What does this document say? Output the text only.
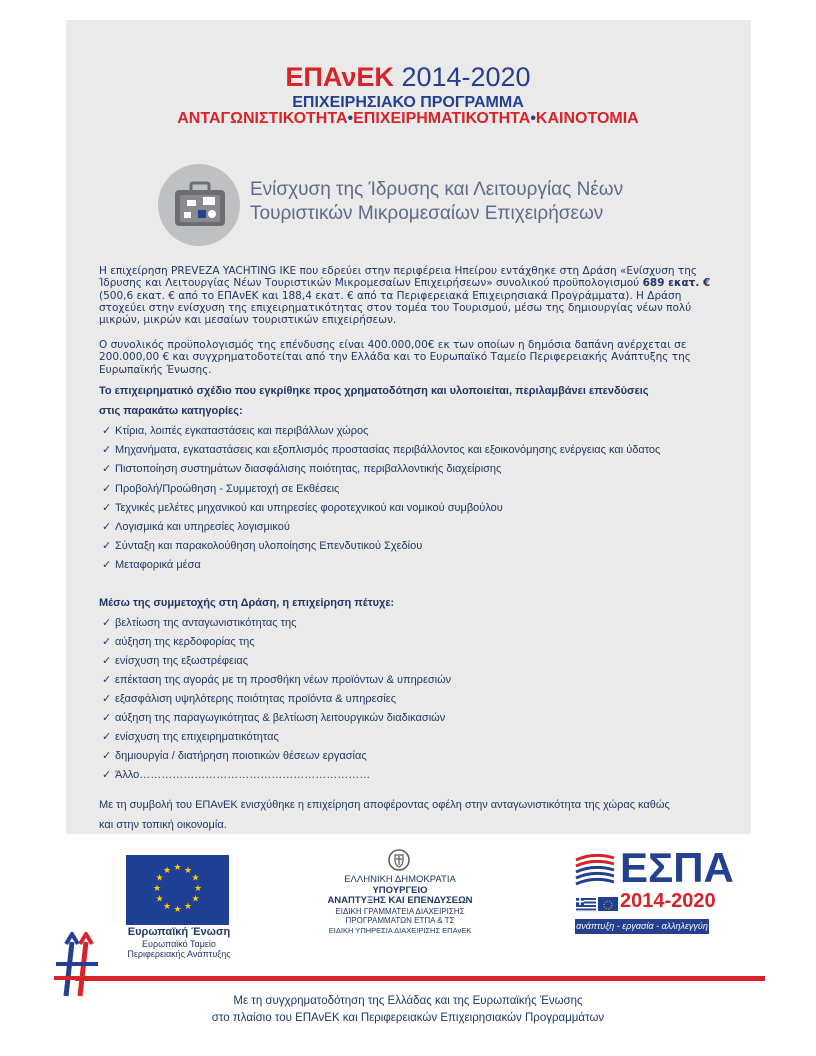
ΕΠΑνΕΚ 2014-2020
ΕΠΙΧΕΙΡΗΣΙΑΚΟ ΠΡΟΓΡΑΜΜΑ
ΑΝΤΑΓΩΝΙΣΤΙΚΟΤΗΤΑ•ΕΠΙΧΕΙΡΗΜΑΤΙΚΟΤΗΤΑ•ΚΑΙΝΟΤΟΜΙΑ
Ενίσχυση της Ίδρυσης και Λειτουργίας Νέων
Τουριστικών Μικρομεσαίων Επιχειρήσεων
Η επιχείρηση PREVEZA YACHTING IKE που εδρεύει στην περιφέρεια Ηπείρου εντάχθηκε στη Δράση «Ενίσχυση της
Ίδρυσης και Λειτουργίας Νέων Τουριστικών Μικρομεσαίων Επιχειρήσεων» συνολικού προϋπολογισμού 689 εκατ. €
(500,6 εκατ. € από το ΕΠΑνΕΚ και 188,4 εκατ. € από τα Περιφερειακά Επιχειρησιακά Προγράμματα). Η Δράση
στοχεύει στην ενίσχυση της επιχειρηματικότητας στον τομέα του Τουρισμού, μέσω της δημιουργίας νέων πολύ
μικρών, μικρών και μεσαίων τουριστικών επιχειρήσεων.
Ο συνολικός προϋπολογισμός της επένδυσης είναι 400.000,00€ εκ των οποίων η δημόσια δαπάνη ανέρχεται σε
200.000,00 € και συγχρηματοδοτείται από την Ελλάδα και το Ευρωπαϊκό Ταμείο Περιφερειακής Ανάπτυξης της
Ευρωπαϊκής Ένωσης.
Το επιχειρηματικό σχέδιο που εγκρίθηκε προς χρηματοδότηση και υλοποιείται, περιλαμβάνει επενδύσεις
στις παρακάτω κατηγορίες:
✓ Κτίρια, λοιπές εγκαταστάσεις και περιβάλλων χώρος
✓ Μηχανήματα, εγκαταστάσεις και εξοπλισμός προστασίας περιβάλλοντος και εξοικονόμησης ενέργειας και ύδατος
✓ Πιστοποίηση συστημάτων διασφάλισης ποιότητας, περιβαλλοντικής διαχείρισης
✓ Προβολή/Προώθηση - Συμμετοχή σε Εκθέσεις
✓ Τεχνικές μελέτες μηχανικού και υπηρεσίες φοροτεχνικού και νομικού συμβούλου
✓ Λογισμικά και υπηρεσίες λογισμικού
✓ Σύνταξη και παρακολούθηση υλοποίησης Επενδυτικού Σχεδίου
✓ Μεταφορικά μέσα
Μέσω της συμμετοχής στη Δράση, η επιχείρηση πέτυχε:
✓ βελτίωση της ανταγωνιστικότητας της
✓ αύξηση της κερδοφορίας της
✓ ενίσχυση της εξωστρέφειας
✓ επέκταση της αγοράς με τη προσθήκη νέων προϊόντων & υπηρεσιών
✓ εξασφάλιση υψηλότερης ποιότητας προϊόντα & υπηρεσίες
✓ αύξηση της παραγωγικότητας & βελτίωση λειτουργικών διαδικασιών
✓ ενίσχυση της επιχειρηματικότητας
✓ δημιουργία / διατήρηση ποιοτικών θέσεων εργασίας
✓ Άλλο………………………………………………………
Με τη συμβολή του ΕΠΑνΕΚ ενισχύθηκε η επιχείρηση αποφέροντας οφέλη στην ανταγωνιστικότητα της χώρας καθώς
και στην τοπική οικονομία.
★ ★
★
★
★
★
★
★
★
★
★
★
Ευρωπαϊκή Ένωση
Ευρωπαϊκό Ταμείο
Περιφερειακής Ανάπτυξης
ΕΛΛΗΝΙΚΗ ΔΗΜΟΚΡΑΤΙΑ
ΥΠΟΥΡΓΕΙΟ
ΑΝΑΠΤΥΞΗΣ ΚΑΙ ΕΠΕΝΔΥΣΕΩΝ
ΕΙΔΙΚΗ ΓΡΑΜΜΑΤΕΙΑ ΔΙΑΧΕΙΡΙΣΗΣ
ΠΡΟΓΡΑΜΜΑΤΩΝ ΕΤΠΑ & ΤΣ
ΕΙΔΙΚΗ ΥΠΗΡΕΣΙΑ ΔΙΑΧΕΙΡΙΣΗΣ ΕΠΑνΕΚ
ΕΣΠΑ
2014-2020
ανάπτυξη - εργασία - αλληλεγγύη
Με τη συγχρηματοδότηση της Ελλάδας και της Ευρωπαϊκής Ένωσης
στο πλαίσιο του ΕΠΑνΕΚ και Περιφερειακών Επιχειρησιακών Προγραμμάτων
